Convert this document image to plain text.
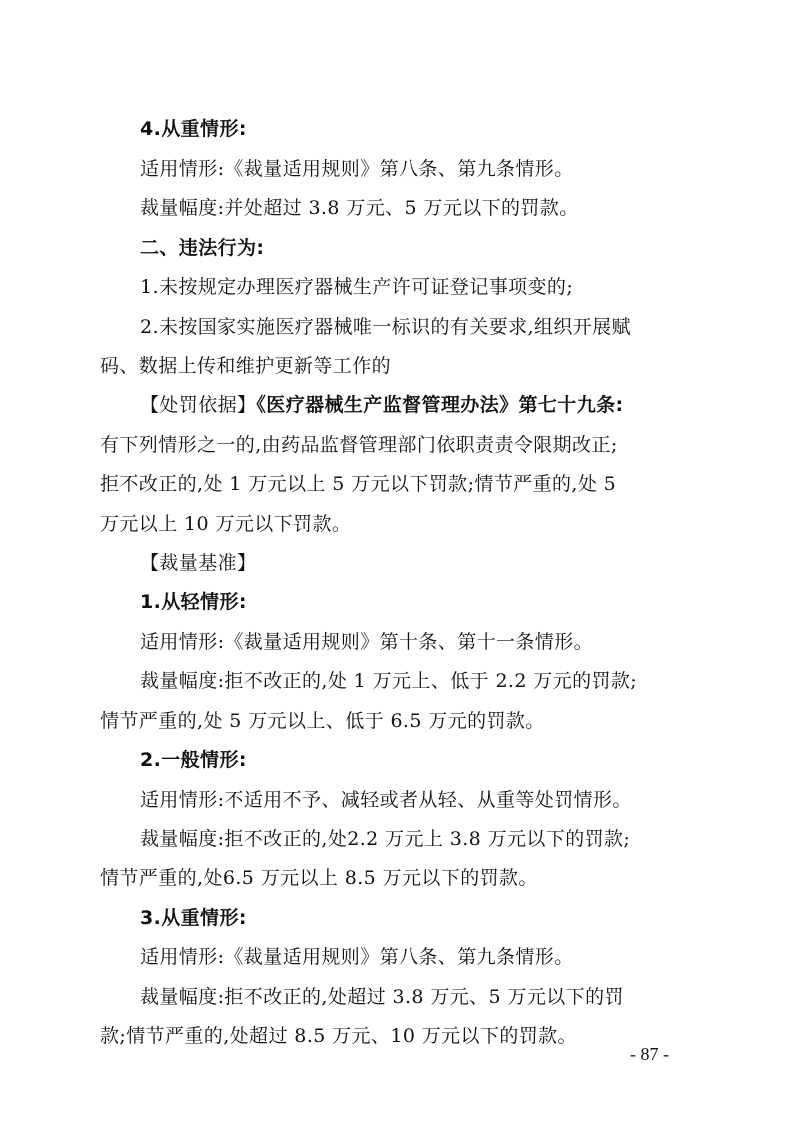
4.从重情形:
适用情形:《裁量适用规则》第八条、第九条情形。
裁量幅度:并处超过 3.8 万元、5 万元以下的罚款。
二、违法行为:
1.未按规定办理医疗器械生产许可证登记事项变的;
2.未按国家实施医疗器械唯一标识的有关要求,组织开展赋
码、数据上传和维护更新等工作的
【处罚依据】《医疗器械生产监督管理办法》第七十九条:
有下列情形之一的,由药品监督管理部门依职责责令限期改正;
拒不改正的,处 1 万元以上 5 万元以下罚款;情节严重的,处 5
万元以上 10 万元以下罚款。
【裁量基准】
1.从轻情形:
适用情形:《裁量适用规则》第十条、第十一条情形。
裁量幅度:拒不改正的,处 1 万元上、低于 2.2 万元的罚款;
情节严重的,处 5 万元以上、低于 6.5 万元的罚款。
2.一般情形:
适用情形:不适用不予、减轻或者从轻、从重等处罚情形。
裁量幅度:拒不改正的,处2.2 万元上 3.8 万元以下的罚款;
情节严重的,处6.5 万元以上 8.5 万元以下的罚款。
3.从重情形:
适用情形:《裁量适用规则》第八条、第九条情形。
裁量幅度:拒不改正的,处超过 3.8 万元、5 万元以下的罚
款;情节严重的,处超过 8.5 万元、10 万元以下的罚款。
- 87 -
